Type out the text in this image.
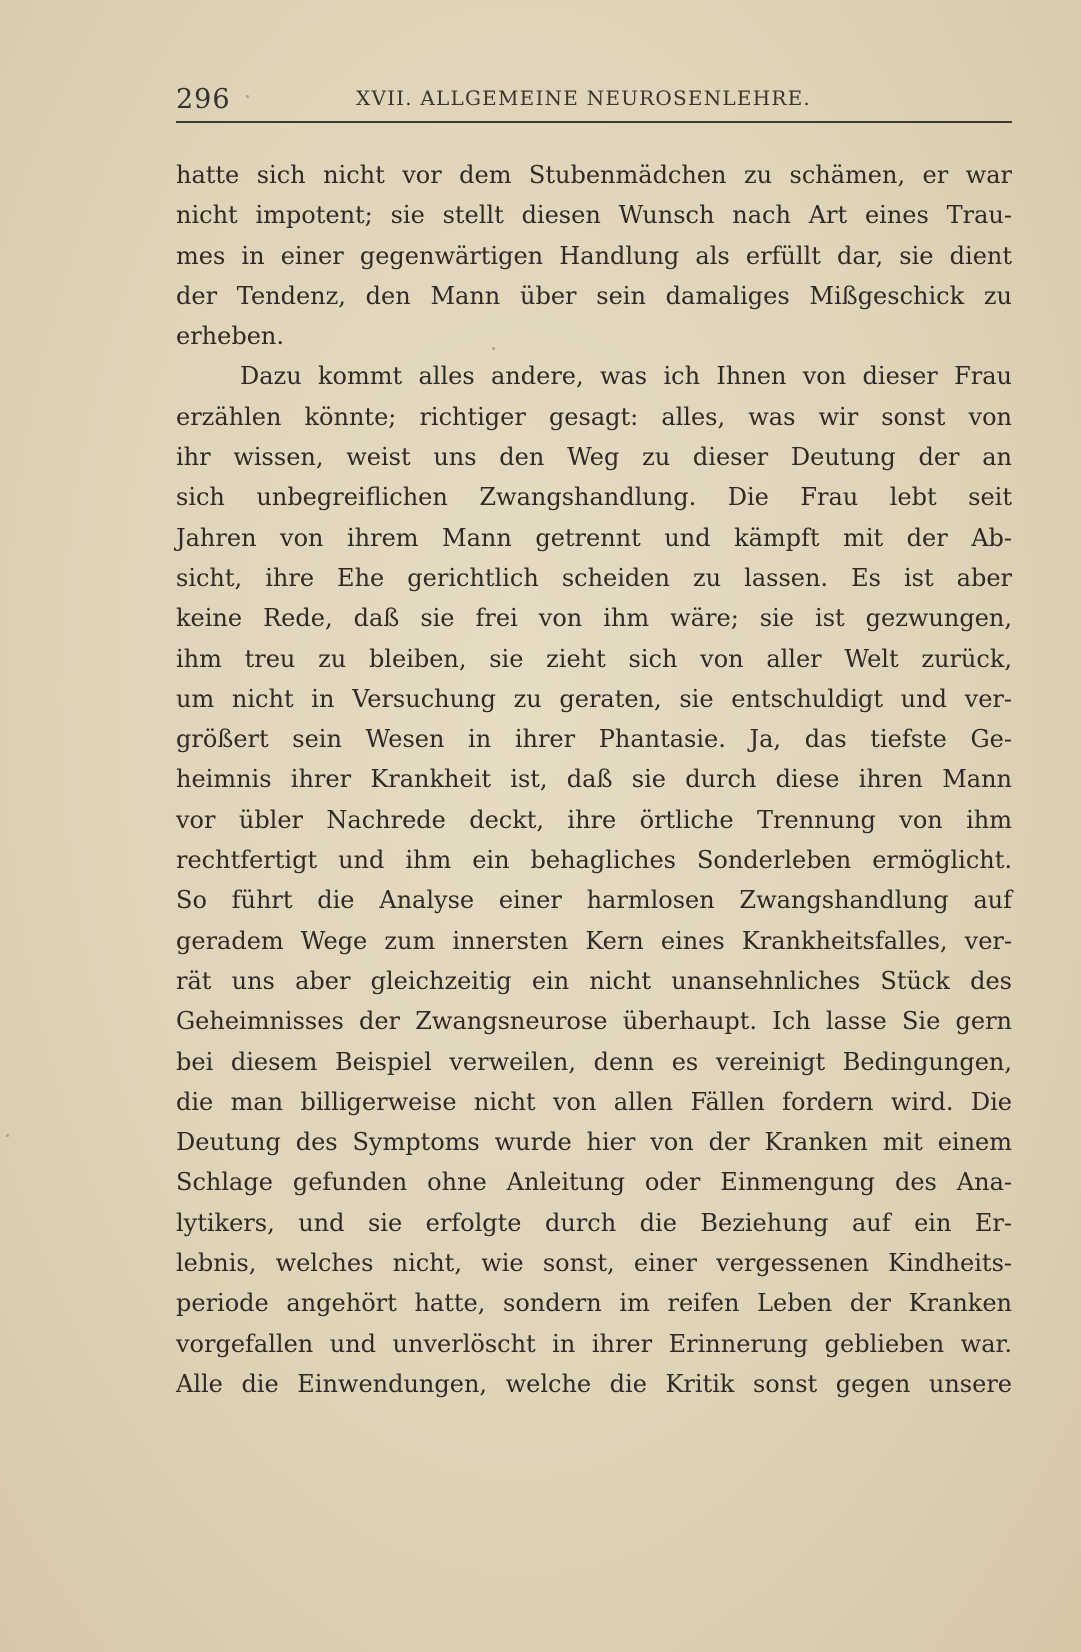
296	XVII. ALLGEMEINE NEUROSENLEHRE.
hatte sich nicht vor dem Stubenmädchen zu schämen, er war
nicht impotent; sie stellt diesen Wunsch nach Art eines Trau-
mes in einer gegenwärtigen Handlung als erfüllt dar, sie dient
der Tendenz, den Mann über sein damaliges Mißgeschick zu
erheben.
Dazu kommt alles andere, was ich Ihnen von dieser Frau
erzählen könnte; richtiger gesagt: alles, was wir sonst von
ihr wissen, weist uns den Weg zu dieser Deutung der an
sich unbegreiflichen Zwangshandlung. Die Frau lebt seit
Jahren von ihrem Mann getrennt und kämpft mit der Ab-
sicht, ihre Ehe gerichtlich scheiden zu lassen. Es ist aber
keine Rede, daß sie frei von ihm wäre; sie ist gezwungen,
ihm treu zu bleiben, sie zieht sich von aller Welt zurück,
um nicht in Versuchung zu geraten, sie entschuldigt und ver-
größert sein Wesen in ihrer Phantasie. Ja, das tiefste Ge-
heimnis ihrer Krankheit ist, daß sie durch diese ihren Mann
vor übler Nachrede deckt, ihre örtliche Trennung von ihm
rechtfertigt und ihm ein behagliches Sonderleben ermöglicht.
So führt die Analyse einer harmlosen Zwangshandlung auf
geradem Wege zum innersten Kern eines Krankheitsfalles, ver-
rät uns aber gleichzeitig ein nicht unansehnliches Stück des
Geheimnisses der Zwangsneurose überhaupt. Ich lasse Sie gern
bei diesem Beispiel verweilen, denn es vereinigt Bedingungen,
die man billigerweise nicht von allen Fällen fordern wird. Die
Deutung des Symptoms wurde hier von der Kranken mit einem
Schlage gefunden ohne Anleitung oder Einmengung des Ana-
lytikers, und sie erfolgte durch die Beziehung auf ein Er-
lebnis, welches nicht, wie sonst, einer vergessenen Kindheits-
periode angehört hatte, sondern im reifen Leben der Kranken
vorgefallen und unverlöscht in ihrer Erinnerung geblieben war.
Alle die Einwendungen, welche die Kritik sonst gegen unsere
